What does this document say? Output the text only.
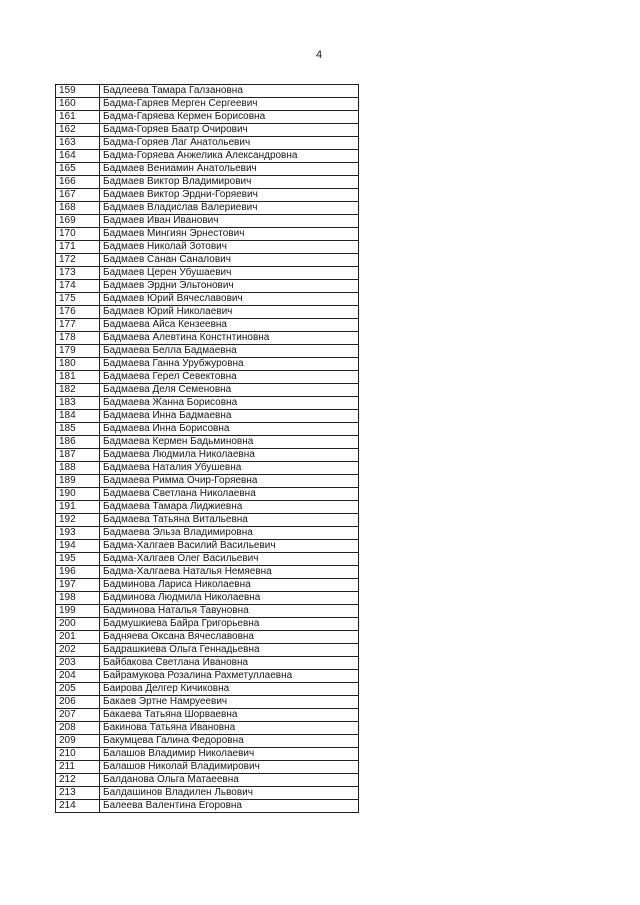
4
159	Бадлеева Тамара Галзановна
160	Бадма-Гаряев Мерген Сергеевич
161	Бадма-Гаряева Кермен Борисовна
162	Бадма-Горяев Баатр Очирович
163	Бадма-Горяев Лаг Анатольевич
164	Бадма-Горяева Анжелика Александровна
165	Бадмаев Вениамин Анатольевич
166	Бадмаев Виктор Владимирович
167	Бадмаев Виктор Эрдни-Горяевич
168	Бадмаев Владислав Валериевич
169	Бадмаев Иван Иванович
170	Бадмаев Мингиян Эрнестович
171	Бадмаев Николай Зотович
172	Бадмаев Санан Саналович
173	Бадмаев Церен Убушаевич
174	Бадмаев Эрдни Эльтонович
175	Бадмаев Юрий Вячеславович
176	Бадмаев Юрий Николаевич
177	Бадмаева Айса Кензеевна
178	Бадмаева Алевтина Констнтиновна
179	Бадмаева Белла Бадмаевна
180	Бадмаева Ганна Урубжуровна
181	Бадмаева Герел Севектовна
182	Бадмаева Деля Семеновна
183	Бадмаева Жанна Борисовна
184	Бадмаева Инна Бадмаевна
185	Бадмаева Инна Борисовна
186	Бадмаева Кермен Бадьминовна
187	Бадмаева Людмила Николаевна
188	Бадмаева Наталия Убушевна
189	Бадмаева Римма Очир-Горяевна
190	Бадмаева Светлана Николаевна
191	Бадмаева Тамара Лиджиевна
192	Бадмаева Татьяна Витальевна
193	Бадмаева Эльза Владимировна
194	Бадма-Халгаев Василий Васильевич
195	Бадма-Халгаев Олег Васильевич
196	Бадма-Халгаева Наталья Немяевна
197	Бадминова Лариса Николаевна
198	Бадминова Людмила Николаевна
199	Бадминова Наталья Тавуновна
200	Бадмушкиева Байра Григорьевна
201	Бадняева Оксана Вячеславовна
202	Бадрашкиева Ольга Геннадьевна
203	Байбакова Светлана Ивановна
204	Байрамукова Розалина Рахметуллаевна
205	Баирова Делгер Кичиковна
206	Бакаев Эртне Намруеевич
207	Бакаева Татьяна Шорваевна
208	Бакинова Татьяна Ивановна
209	Бакумцева Галина Федоровна
210	Балашов Владимир Николаевич
211	Балашов Николай Владимирович
212	Балданова Ольга Матаеевна
213	Балдашинов Владилен Львович
214	Балеева Валентина Егоровна
